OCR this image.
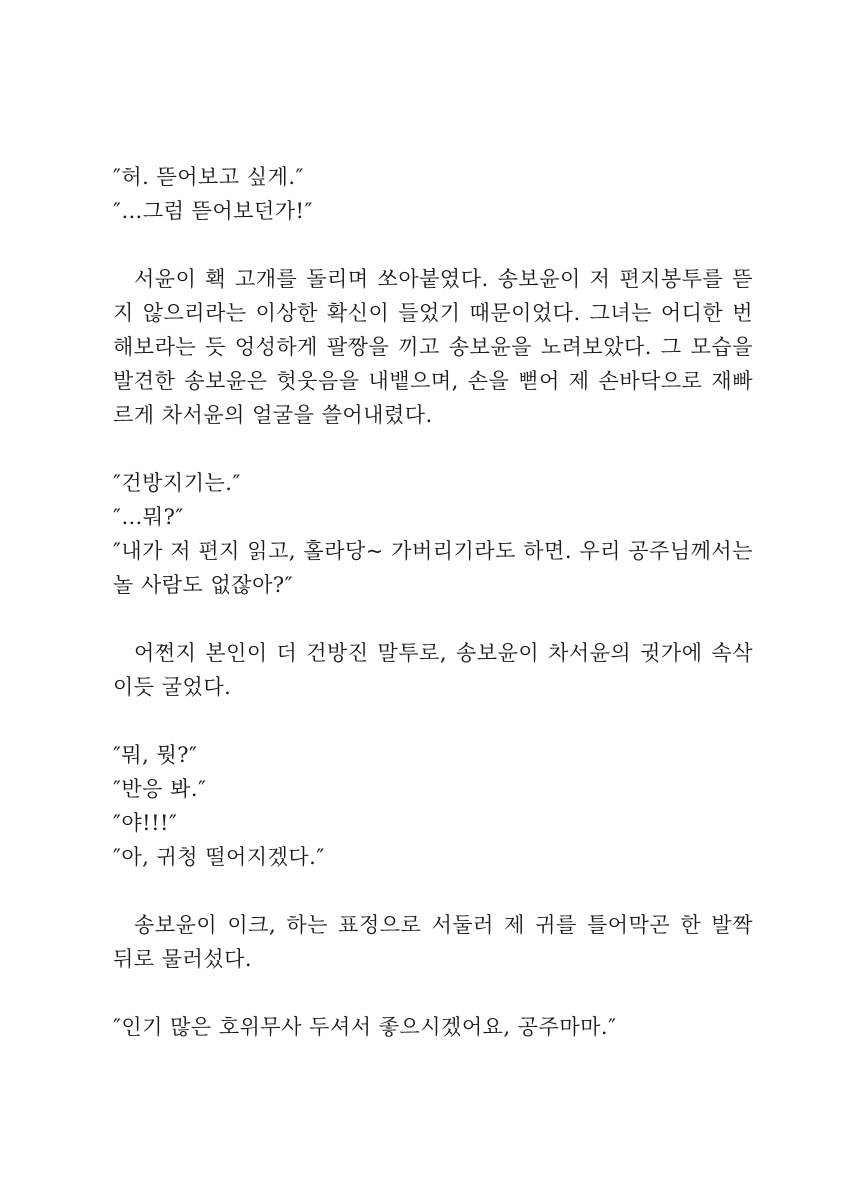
″허. 뜯어보고 싶게.″

″…그럼 뜯어보던가!″

서윤이 홱 고개를 돌리며 쏘아붙였다. 송보윤이 저 편지봉투를 뜯지 않으리라는 이상한 확신이 들었기 때문이었다. 그녀는 어디한 번 해보라는 듯 엉성하게 팔짱을 끼고 송보윤을 노려보았다. 그 모습을 발견한 송보윤은 헛웃음을 내뱉으며, 손을 뻗어 제 손바닥으로 재빠르게 차서윤의 얼굴을 쓸어내렸다.

″건방지기는.″

″…뭐?″

″내가 저 편지 읽고, 홀라당~ 가버리기라도 하면. 우리 공주님께서는 놀 사람도 없잖아?″

어쩐지 본인이 더 건방진 말투로, 송보윤이 차서윤의 귓가에 속삭이듯 굴었다.

″뭐, 뭣?″

″반응 봐.″

″야!!!″

″아, 귀청 떨어지겠다.″

송보윤이 이크, 하는 표정으로 서둘러 제 귀를 틀어막곤 한 발짝 뒤로 물러섰다.

″인기 많은 호위무사 두셔서 좋으시겠어요, 공주마마.″
